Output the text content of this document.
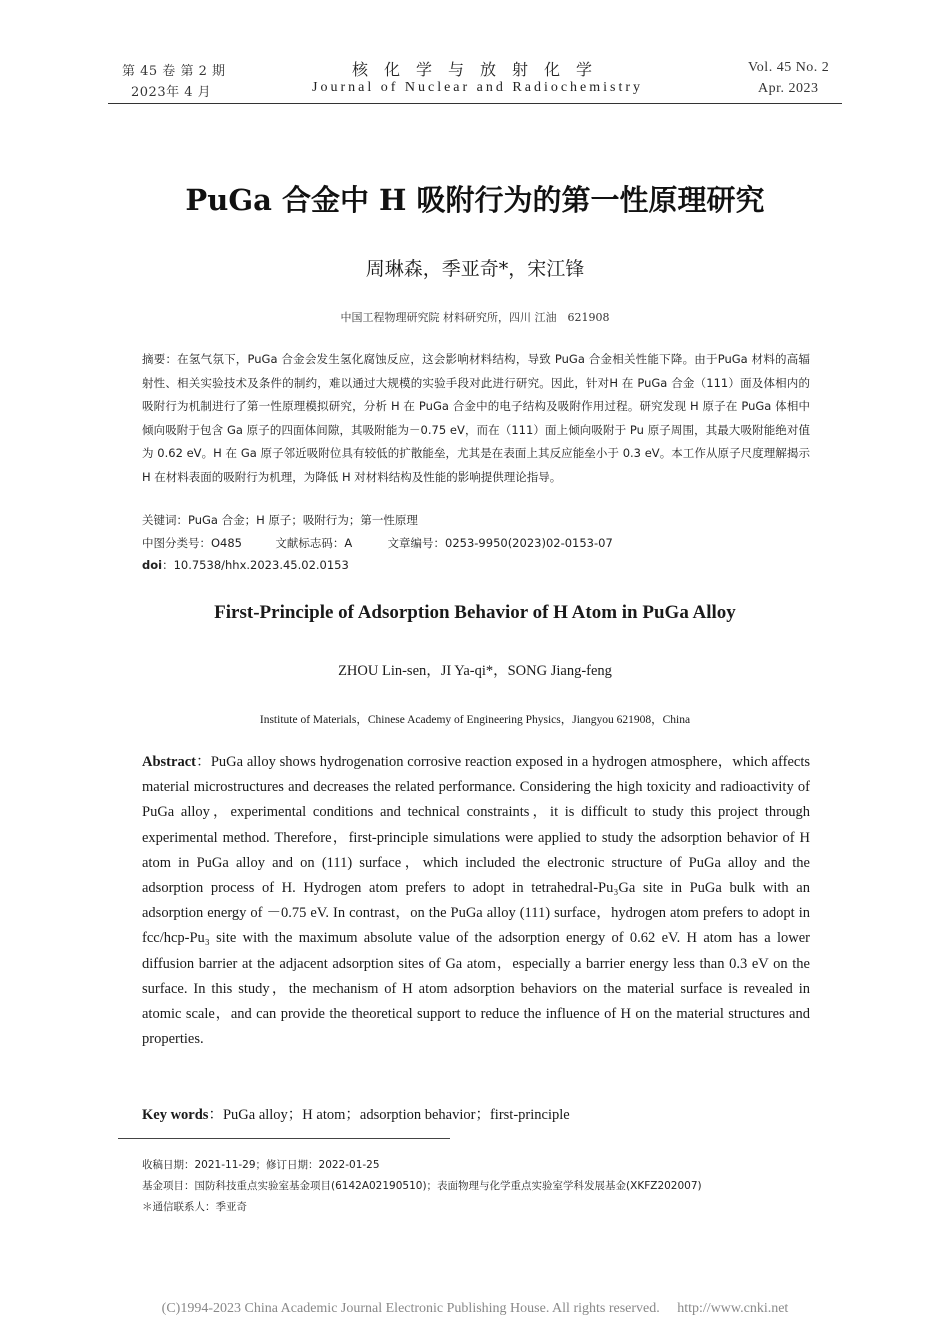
第 45 卷 第 2 期
2023年 4 月
核化学与放射化学
Journal of Nuclear and Radiochemistry
Vol. 45 No. 2
Apr. 2023
PuGa 合金中 H 吸附行为的第一性原理研究
周琳森，季亚奇*，宋江锋
中国工程物理研究院 材料研究所，四川 江油　621908
摘要：在氢气氛下，PuGa 合金会发生氢化腐蚀反应，这会影响材料结构，导致 PuGa 合金相关性能下降。由于PuGa 材料的高辐射性、相关实验技术及条件的制约，难以通过大规模的实验手段对此进行研究。因此，针对H 在 PuGa 合金（111）面及体相内的吸附行为机制进行了第一性原理模拟研究，分析 H 在 PuGa 合金中的电子结构及吸附作用过程。研究发现 H 原子在 PuGa 体相中倾向吸附于包含 Ga 原子的四面体间隙，其吸附能为－0.75 eV，而在（111）面上倾向吸附于 Pu 原子周围，其最大吸附能绝对值为 0.62 eV。H 在 Ga 原子邻近吸附位具有较低的扩散能垒，尤其是在表面上其反应能垒小于 0.3 eV。本工作从原子尺度理解揭示 H 在材料表面的吸附行为机理，为降低 H 对材料结构及性能的影响提供理论指导。
关键词：PuGa 合金；H 原子；吸附行为；第一性原理
中图分类号：O485	文献标志码：A	文章编号：0253-9950(2023)02-0153-07
doi：10.7538/hhx.2023.45.02.0153
First-Principle of Adsorption Behavior of H Atom in PuGa Alloy
ZHOU Lin-sen，JI Ya-qi*，SONG Jiang-feng
Institute of Materials，Chinese Academy of Engineering Physics，Jiangyou 621908，China
Abstract：PuGa alloy shows hydrogenation corrosive reaction exposed in a hydrogen atmosphere，which affects material microstructures and decreases the related performance. Considering the high toxicity and radioactivity of PuGa alloy，experimental conditions and technical constraints，it is difficult to study this project through experimental method. Therefore，first-principle simulations were applied to study the adsorption behavior of H atom in PuGa alloy and on (111) surface，which included the electronic structure of PuGa alloy and the adsorption process of H. Hydrogen atom prefers to adopt in tetrahedral-Pu₃Ga site in PuGa bulk with an adsorption energy of －0.75 eV. In contrast，on the PuGa alloy (111) surface，hydrogen atom prefers to adopt in fcc/hcp-Pu₃ site with the maximum absolute value of the adsorption energy of 0.62 eV. H atom has a lower diffusion barrier at the adjacent adsorption sites of Ga atom，especially a barrier energy less than 0.3 eV on the surface. In this study，the mechanism of H atom adsorption behaviors on the material surface is revealed in atomic scale，and can provide the theoretical support to reduce the influence of H on the material structures and properties.
Key words：PuGa alloy；H atom；adsorption behavior；first-principle
收稿日期：2021-11-29；修订日期：2022-01-25
基金项目：国防科技重点实验室基金项目(6142A02190510)；表面物理与化学重点实验室学科发展基金(XKFZ202007)
＊通信联系人：季亚奇
(C)1994-2023 China Academic Journal Electronic Publishing House. All rights reserved.　 http://www.cnki.net
